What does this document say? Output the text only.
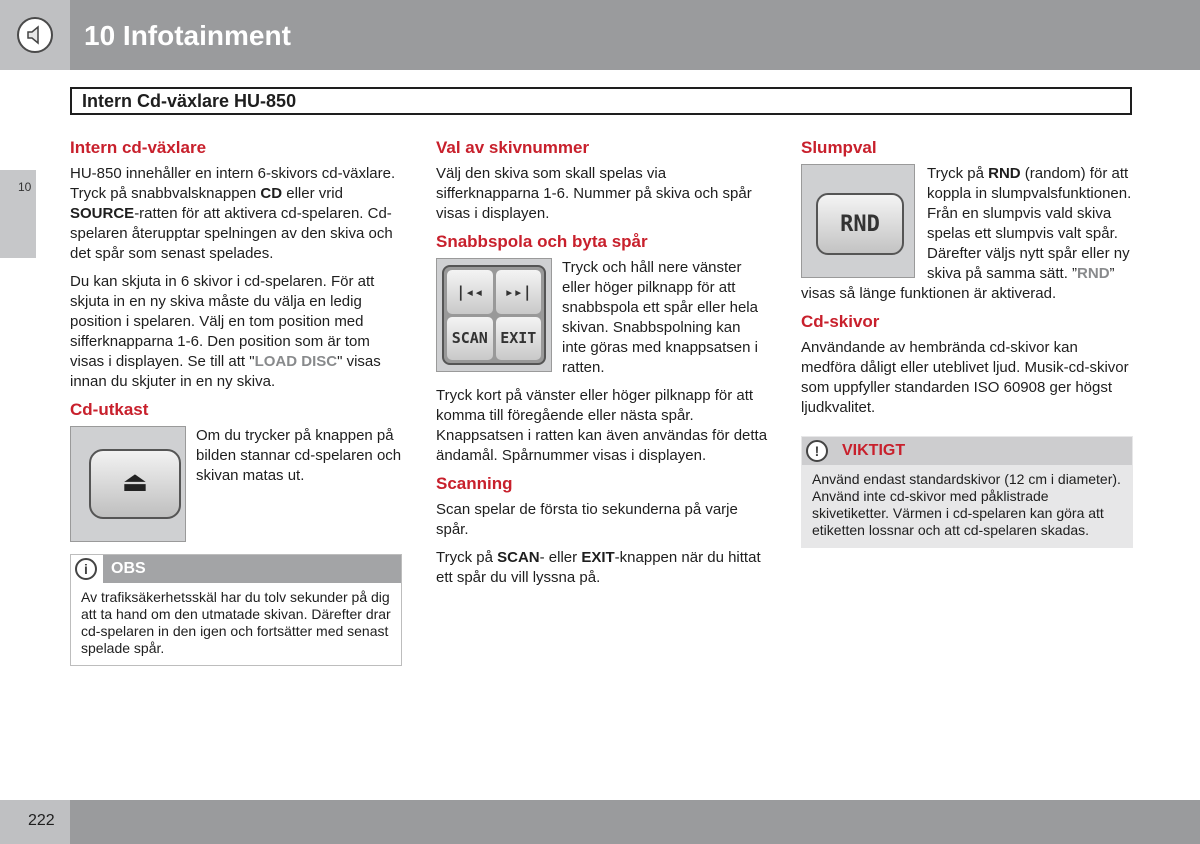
10 Infotainment
Intern Cd-växlare HU-850
10
Intern cd-växlare

HU-850 innehåller en intern 6-skivors cd-växlare. Tryck på snabbvalsknappen CD eller vrid SOURCE-ratten för att aktivera cd-spelaren. Cd-spelaren återupptar spelningen av den skiva och det spår som senast spelades.

Du kan skjuta in 6 skivor i cd-spelaren. För att skjuta in en ny skiva måste du välja en ledig position i spelaren. Välj en tom position med sifferknapparna 1-6. Den position som är tom visas i displayen. Se till att "LOAD DISC" visas innan du skjuter in en ny skiva.

Cd-utkast
⏏

Om du trycker på knappen på bilden stannar cd-spelaren och skivan matas ut.

i	OBS
Av trafiksäkerhetsskäl har du tolv sekunder på dig att ta hand om den utmatade skivan. Därefter drar cd-spelaren in den igen och fortsätter med senast spelade spår.
Val av skivnummer

Välj den skiva som skall spelas via sifferknapparna 1-6. Nummer på skiva och spår visas i displayen.

Snabbspola och byta spår
|◂◂	▸▸|
SCAN EXIT

Tryck och håll nere vänster eller höger pilknapp för att snabbspola ett spår eller hela skivan. Snabbspolning kan inte göras med knappsatsen i ratten.

Tryck kort på vänster eller höger pilknapp för att komma till föregående eller nästa spår. Knappsatsen i ratten kan även användas för detta ändamål. Spårnummer visas i displayen.

Scanning

Scan spelar de första tio sekunderna på varje spår.

Tryck på SCAN- eller EXIT-knappen när du hittat ett spår du vill lyssna på.

Slumpval
RND

Tryck på RND (random) för att koppla in slumpvalsfunktionen. Från en slumpvis vald skiva spelas ett slumpvis valt spår. Därefter väljs nytt spår eller ny skiva på samma sätt. ”RND” visas så länge funktionen är aktiverad.

Cd-skivor

Användande av hembrända cd-skivor kan medföra dåligt eller uteblivet ljud. Musik-cd-skivor som uppfyller standarden ISO 60908 ger högst ljudkvalitet.

!	VIKTIGT
Använd endast standardskivor (12 cm i diameter). Använd inte cd-skivor med påklistrade skivetiketter. Värmen i cd-spelaren kan göra att etiketten lossnar och att cd-spelaren skadas.
222
